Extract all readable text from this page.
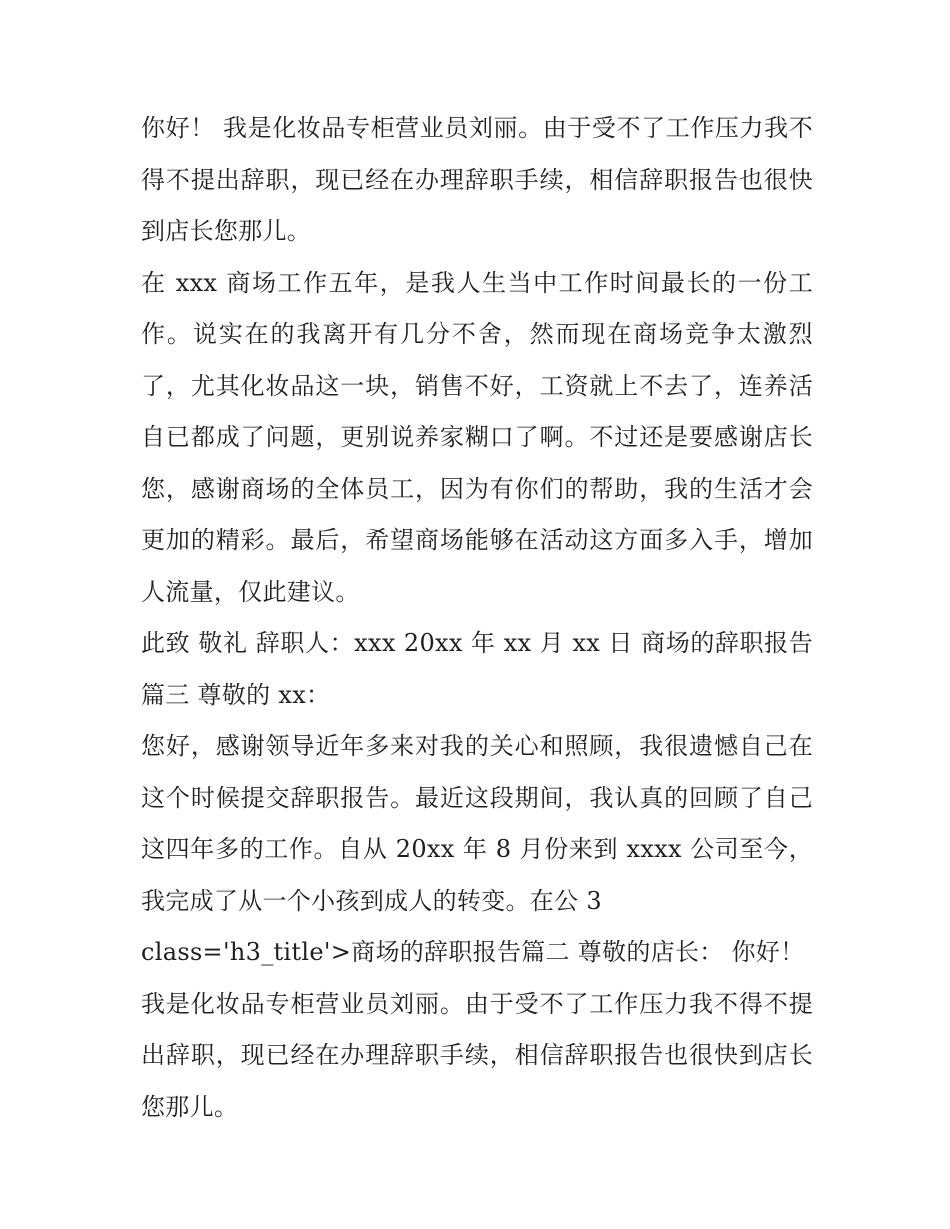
你好！ 我是化妆品专柜营业员刘丽。由于受不了工作压力我不得不提出辞职，现已经在办理辞职手续，相信辞职报告也很快到店长您那儿。

在 xxx 商场工作五年，是我人生当中工作时间最长的一份工作。说实在的我离开有几分不舍，然而现在商场竞争太激烈了，尤其化妆品这一块，销售不好，工资就上不去了，连养活自已都成了问题，更别说养家糊口了啊。不过还是要感谢店长您，感谢商场的全体员工，因为有你们的帮助，我的生活才会更加的精彩。最后，希望商场能够在活动这方面多入手，增加人流量，仅此建议。

此致 敬礼 辞职人：xxx 20xx 年 xx 月 xx 日 商场的辞职报告篇三 尊敬的 xx：

您好，感谢领导近年多来对我的关心和照顾，我很遗憾自己在这个时候提交辞职报告。最近这段期间，我认真的回顾了自己这四年多的工作。自从 20xx 年 8 月份来到 xxxx 公司至今，我完成了从一个小孩到成人的转变。在公 3

class='h3_title'>商场的辞职报告篇二 尊敬的店长： 你好！

我是化妆品专柜营业员刘丽。由于受不了工作压力我不得不提出辞职，现已经在办理辞职手续，相信辞职报告也很快到店长您那儿。
